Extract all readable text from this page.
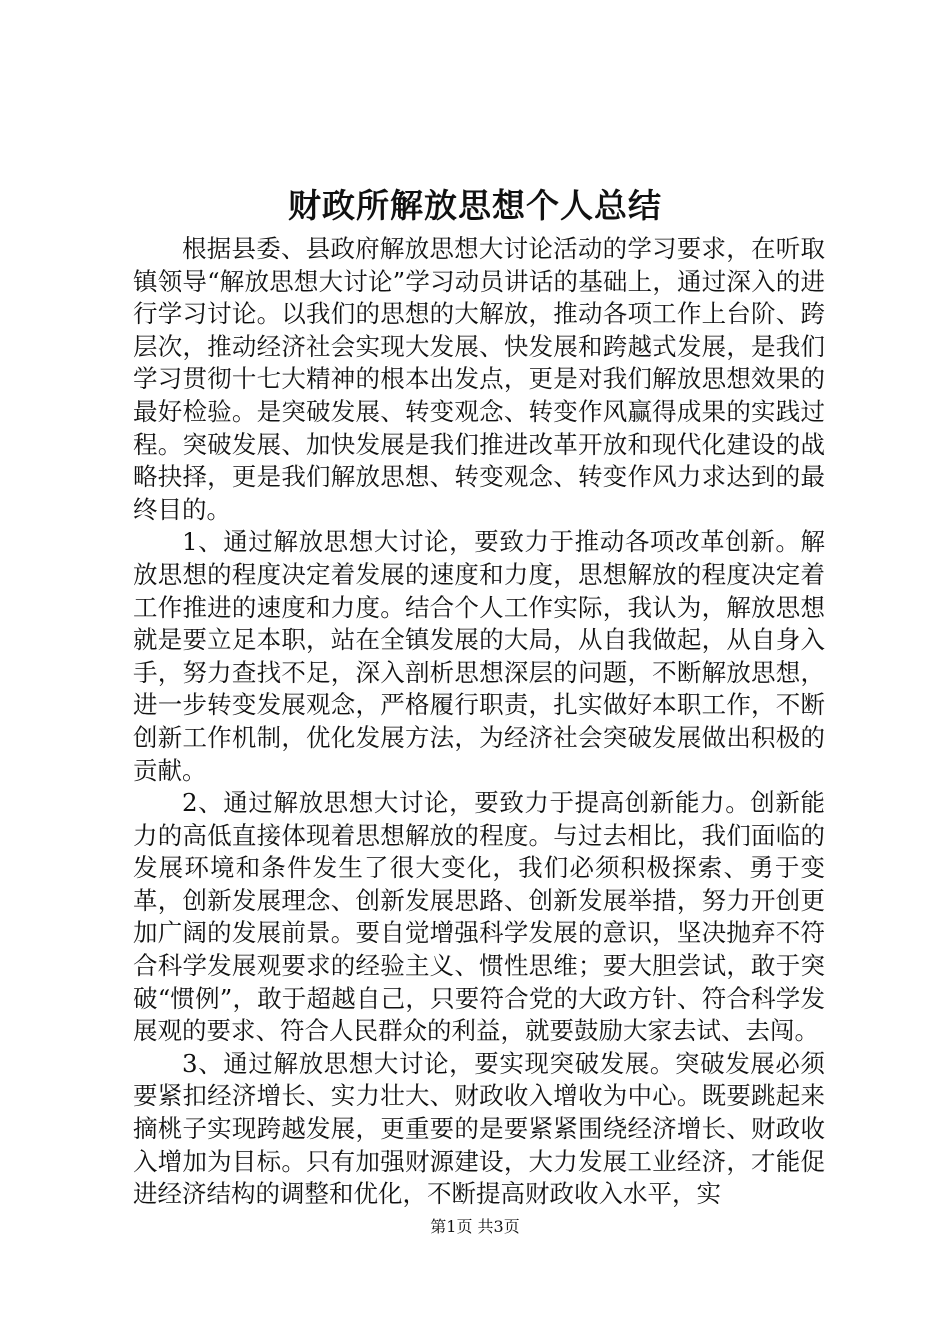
财政所解放思想个人总结

根据县委、县政府解放思想大讨论活动的学习要求，在听取镇领导“解放思想大讨论”学习动员讲话的基础上，通过深入的进行学习讨论。以我们的思想的大解放，推动各项工作上台阶、跨层次，推动经济社会实现大发展、快发展和跨越式发展，是我们学习贯彻十七大精神的根本出发点，更是对我们解放思想效果的最好检验。是突破发展、转变观念、转变作风赢得成果的实践过程。突破发展、加快发展是我们推进改革开放和现代化建设的战略抉择，更是我们解放思想、转变观念、转变作风力求达到的最终目的。

1、通过解放思想大讨论，要致力于推动各项改革创新。解放思想的程度决定着发展的速度和力度，思想解放的程度决定着工作推进的速度和力度。结合个人工作实际，我认为，解放思想就是要立足本职，站在全镇发展的大局，从自我做起，从自身入手，努力查找不足，深入剖析思想深层的问题，不断解放思想，进一步转变发展观念，严格履行职责，扎实做好本职工作，不断创新工作机制，优化发展方法，为经济社会突破发展做出积极的贡献。

2、通过解放思想大讨论，要致力于提高创新能力。创新能力的高低直接体现着思想解放的程度。与过去相比，我们面临的发展环境和条件发生了很大变化，我们必须积极探索、勇于变革，创新发展理念、创新发展思路、创新发展举措，努力开创更加广阔的发展前景。要自觉增强科学发展的意识，坚决抛弃不符合科学发展观要求的经验主义、惯性思维；要大胆尝试，敢于突破“惯例”，敢于超越自己，只要符合党的大政方针、符合科学发展观的要求、符合人民群众的利益，就要鼓励大家去试、去闯。

3、通过解放思想大讨论，要实现突破发展。突破发展必须要紧扣经济增长、实力壮大、财政收入增收为中心。既要跳起来摘桃子实现跨越发展，更重要的是要紧紧围绕经济增长、财政收入增加为目标。只有加强财源建设，大力发展工业经济，才能促进经济结构的调整和优化，不断提高财政收入水平，实

第1页 共3页
